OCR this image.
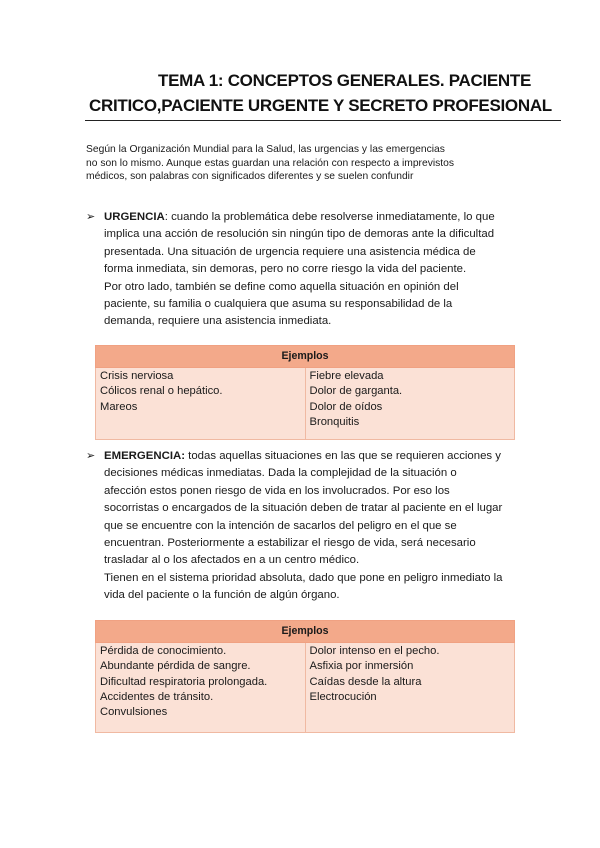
TEMA 1: CONCEPTOS GENERALES. PACIENTE
CRITICO,PACIENTE URGENTE Y SECRETO PROFESIONAL
Según la Organización Mundial para la Salud, las urgencias y las emergencias
no son lo mismo. Aunque estas guardan una relación con respecto a imprevistos
médicos, son palabras con significados diferentes y se suelen confundir
➢ URGENCIA: cuando la problemática debe resolverse inmediatamente, lo que
implica una acción de resolución sin ningún tipo de demoras ante la dificultad
presentada. Una situación de urgencia requiere una asistencia médica de
forma inmediata, sin demoras, pero no corre riesgo la vida del paciente.
Por otro lado, también se define como aquella situación en opinión del
paciente, su familia o cualquiera que asuma su responsabilidad de la
demanda, requiere una asistencia inmediata.
Ejemplos

Crisis nerviosa
Cólicos renal o hepático.
Mareos

Fiebre elevada
Dolor de garganta.
Dolor de oídos
Bronquitis
➢ EMERGENCIA: todas aquellas situaciones en las que se requieren acciones y
decisiones médicas inmediatas. Dada la complejidad de la situación o
afección estos ponen riesgo de vida en los involucrados. Por eso los
socorristas o encargados de la situación deben de tratar al paciente en el lugar
que se encuentre con la intención de sacarlos del peligro en el que se
encuentran. Posteriormente a estabilizar el riesgo de vida, será necesario
trasladar al o los afectados en a un centro médico.
Tienen en el sistema prioridad absoluta, dado que pone en peligro inmediato la
vida del paciente o la función de algún órgano.
Ejemplos

Pérdida de conocimiento.
Abundante pérdida de sangre.
Dificultad respiratoria prolongada.
Accidentes de tránsito.
Convulsiones

Dolor intenso en el pecho.
Asfixia por inmersión
Caídas desde la altura
Electrocución
